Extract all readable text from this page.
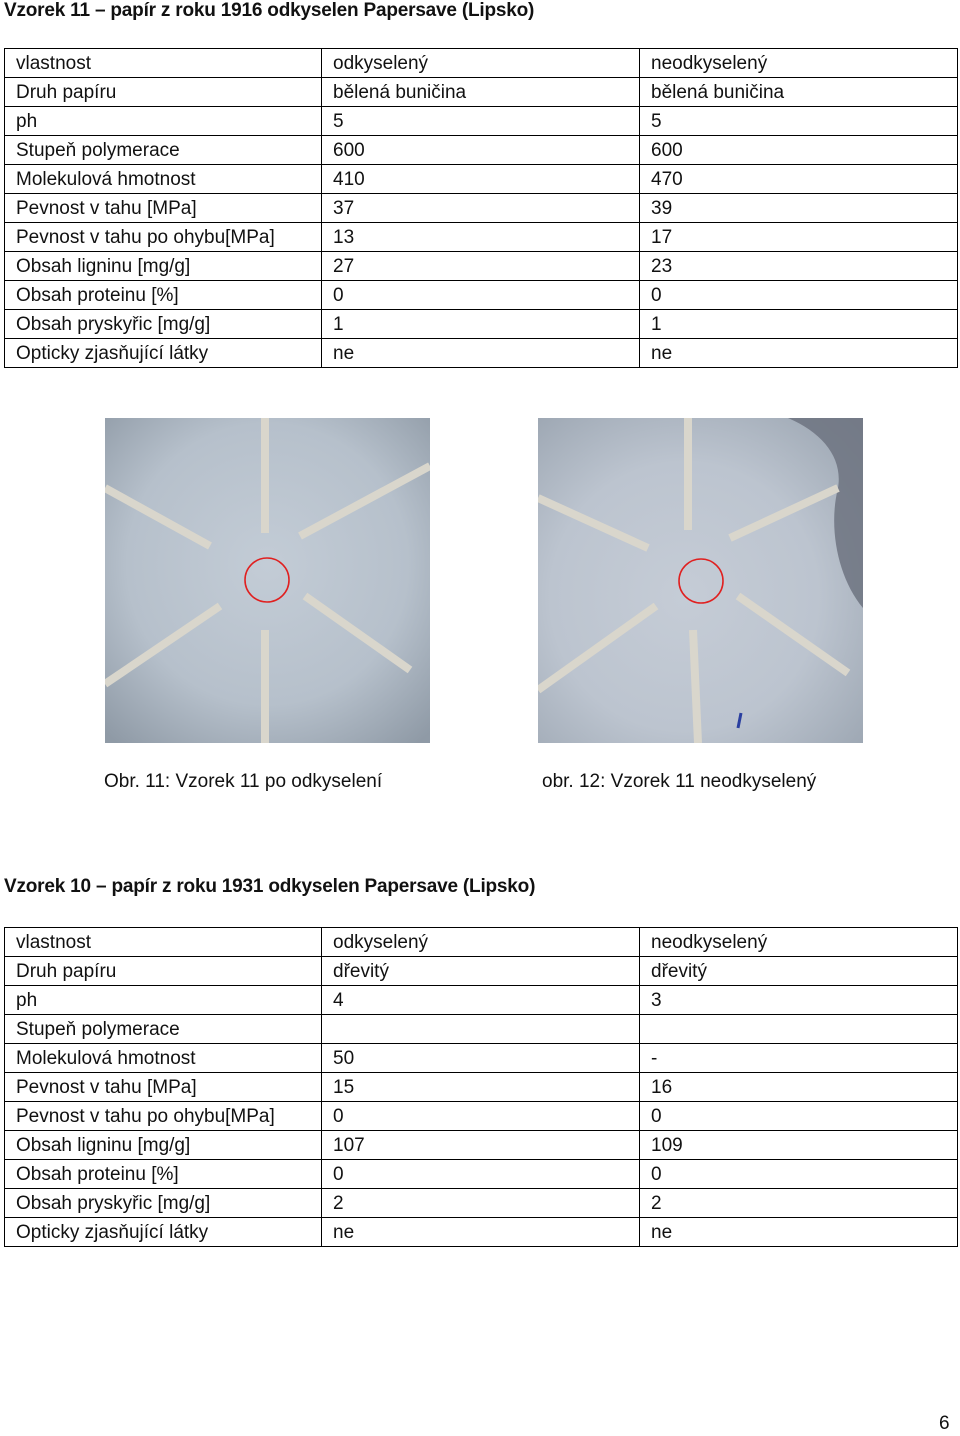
Vzorek 11 – papír z roku 1916 odkyselen Papersave (Lipsko)
vlastnost	odkyselený	neodkyselený
Druh papíru	bělená buničina	bělená buničina
ph	5	5
Stupeň polymerace	600	600
Molekulová hmotnost	410	470
Pevnost v tahu [MPa]	37	39
Pevnost v tahu po ohybu[MPa]	13	17
Obsah ligninu [mg/g]	27	23
Obsah proteinu [%]	0	0
Obsah pryskyřic [mg/g]	1	1
Opticky zjasňující látky	ne	ne
Obr. 11: Vzorek 11 po odkyselení	obr. 12: Vzorek 11 neodkyselený
Vzorek 10 – papír z roku 1931 odkyselen Papersave (Lipsko)
vlastnost	odkyselený	neodkyselený
Druh papíru	dřevitý	dřevitý
ph	4	3
Stupeň polymerace		
Molekulová hmotnost	50	-
Pevnost v tahu [MPa]	15	16
Pevnost v tahu po ohybu[MPa]	0	0
Obsah ligninu [mg/g]	107	109
Obsah proteinu [%]	0	0
Obsah pryskyřic [mg/g]	2	2
Opticky zjasňující látky	ne	ne
6
